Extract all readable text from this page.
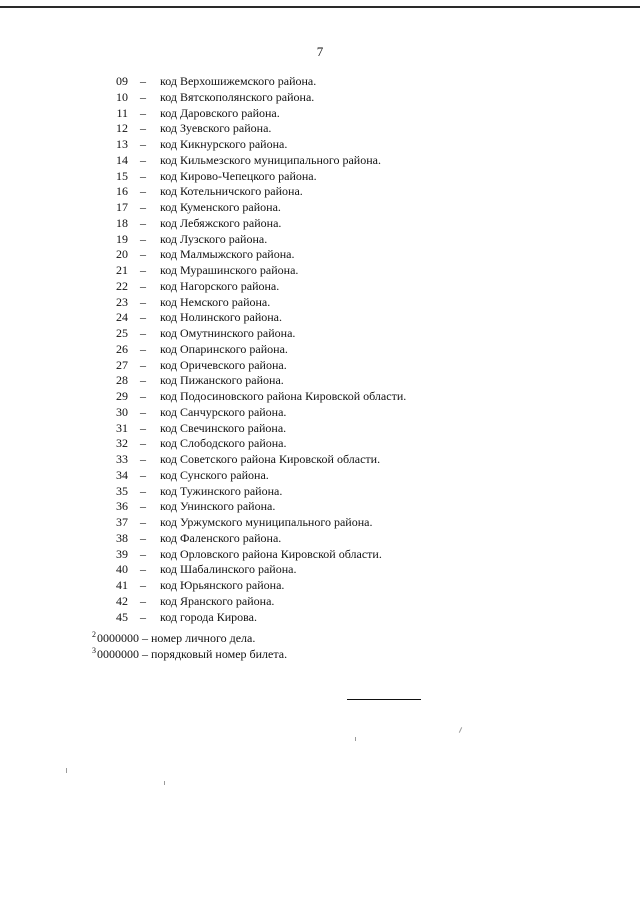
7
09 – код Верхошижемского района.
10 – код Вятскополянского района.
11 – код Даровского района.
12 – код Зуевского района.
13 – код Кикнурского района.
14 – код Кильмезского муниципального района.
15 – код Кирово-Чепецкого района.
16 – код Котельничского района.
17 – код Куменского района.
18 – код Лебяжского района.
19 – код Лузского района.
20 – код Малмыжского района.
21 – код Мурашинского района.
22 – код Нагорского района.
23 – код Немского района.
24 – код Нолинского района.
25 – код Омутнинского района.
26 – код Опаринского района.
27 – код Оричевского района.
28 – код Пижанского района.
29 – код Подосиновского района Кировской области.
30 – код Санчурского района.
31 – код Свечинского района.
32 – код Слободского района.
33 – код Советского района Кировской области.
34 – код Сунского района.
35 – код Тужинского района.
36 – код Унинского района.
37 – код Уржумского муниципального района.
38 – код Фаленского района.
39 – код Орловского района Кировской области.
40 – код Шабалинского района.
41 – код Юрьянского района.
42 – код Яранского района.
45 – код города Кирова.
$^2$0000000 – номер личного дела.
$^3$0000000 – порядковый номер билета.
